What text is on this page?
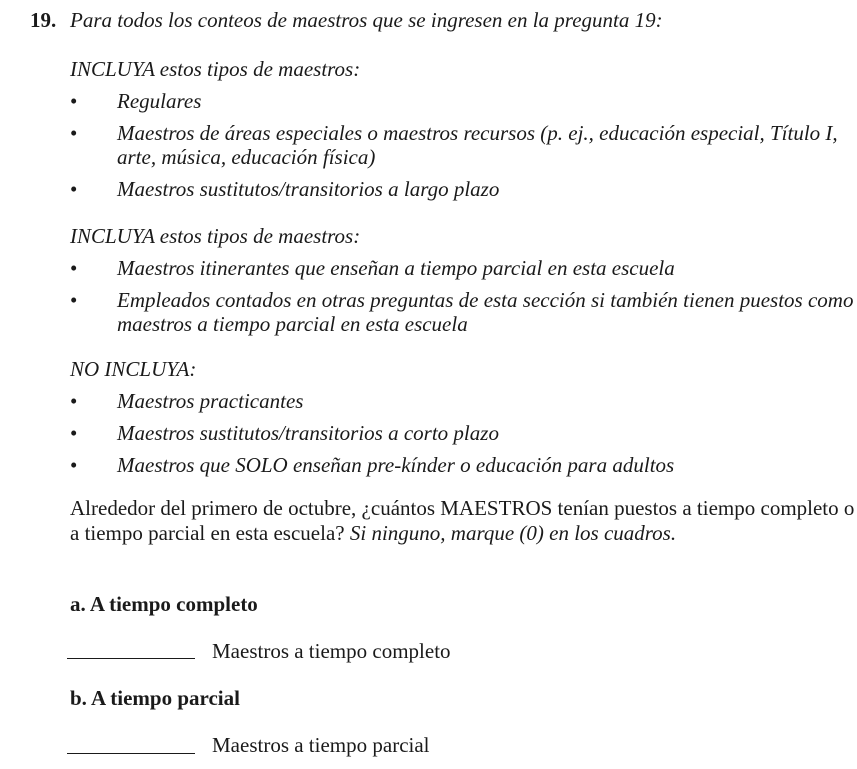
19. Para todos los conteos de maestros que se ingresen en la pregunta 19:
INCLUYA estos tipos de maestros:
• Regulares
• Maestros de áreas especiales o maestros recursos (p. ej., educación especial, Título I, arte, música, educación física)
• Maestros sustitutos/transitorios a largo plazo
INCLUYA estos tipos de maestros:
• Maestros itinerantes que enseñan a tiempo parcial en esta escuela
• Empleados contados en otras preguntas de esta sección si también tienen puestos como maestros a tiempo parcial en esta escuela
NO INCLUYA:
• Maestros practicantes
• Maestros sustitutos/transitorios a corto plazo
• Maestros que SOLO enseñan pre-kínder o educación para adultos
Alrededor del primero de octubre, ¿cuántos MAESTROS tenían puestos a tiempo completo o a tiempo parcial en esta escuela? Si ninguno, marque (0) en los cuadros.
a. A tiempo completo
Maestros a tiempo completo
b. A tiempo parcial
Maestros a tiempo parcial
